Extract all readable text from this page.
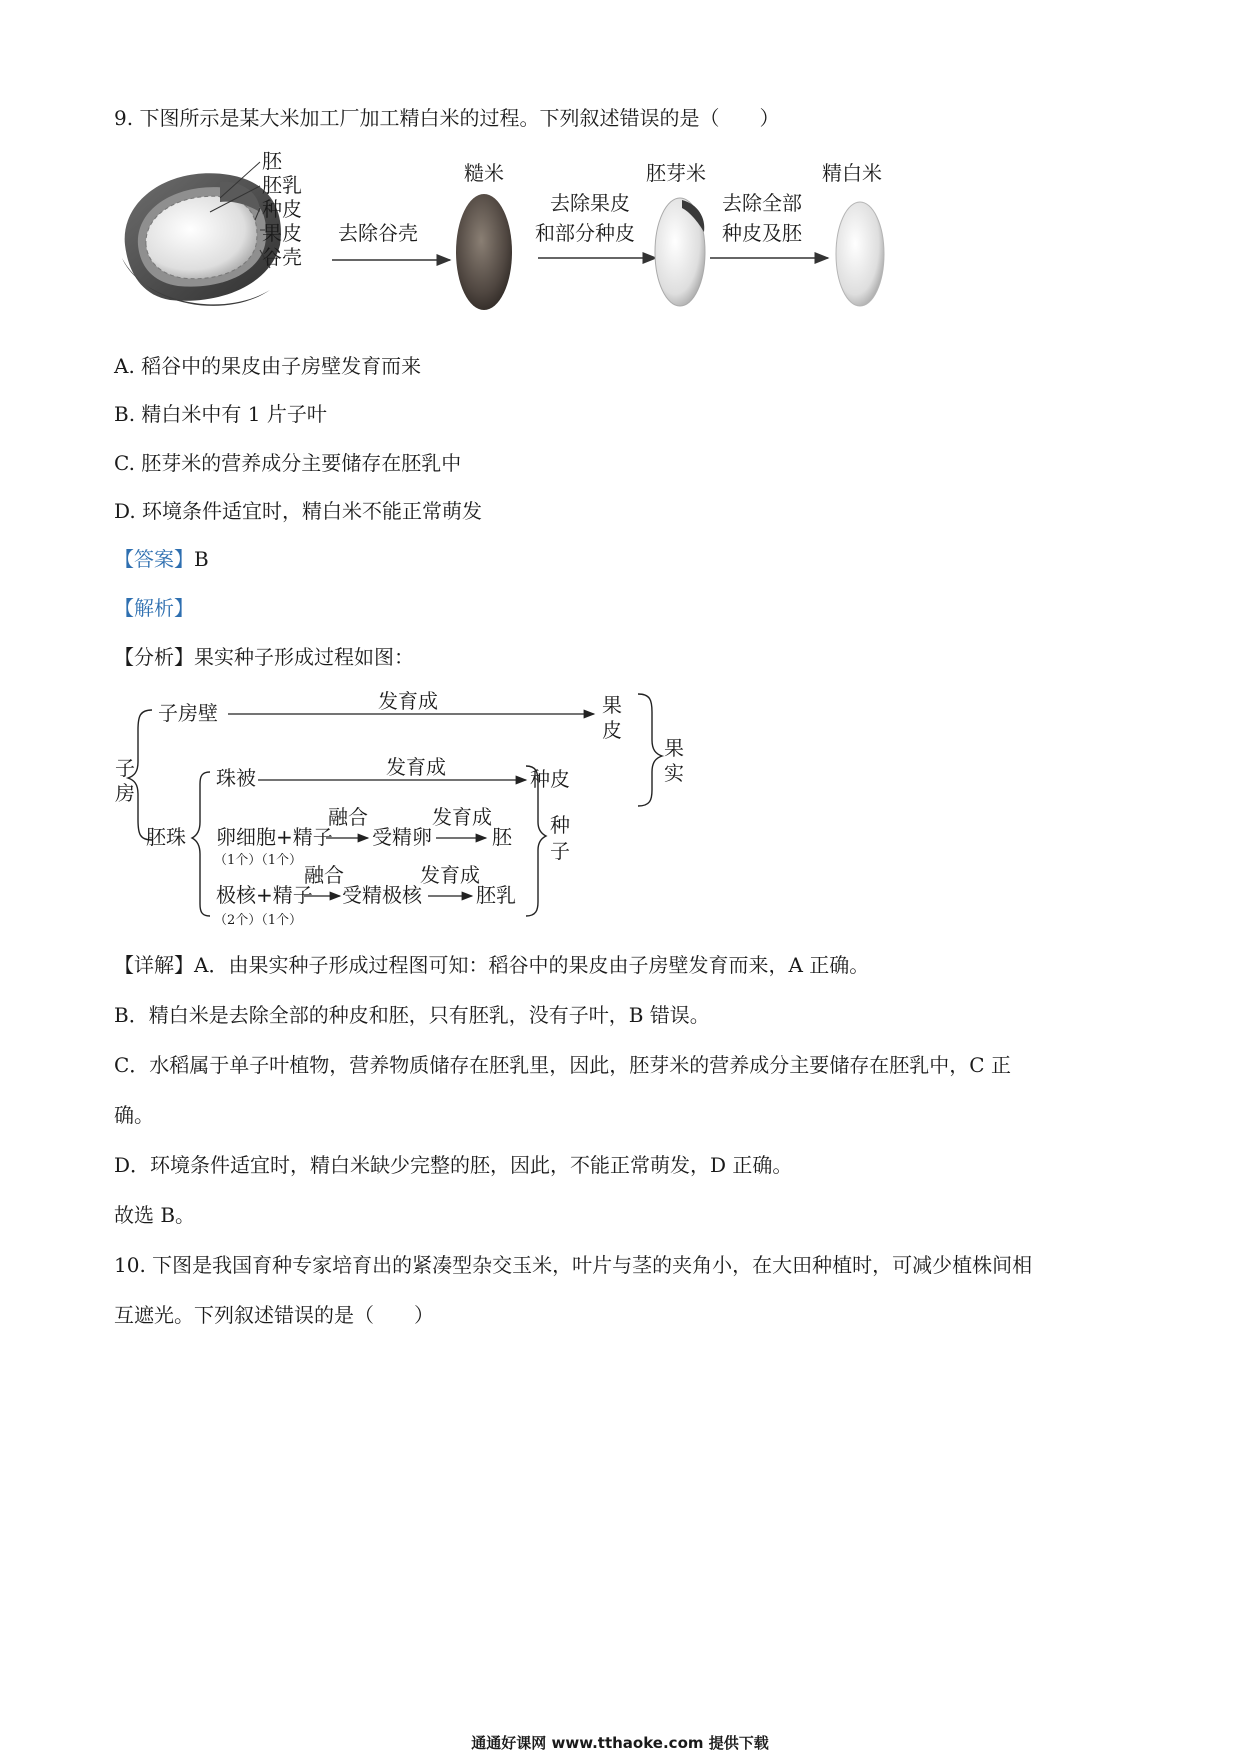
9. 下图所示是某大米加工厂加工精白米的过程。下列叙述错误的是（　　）
胚
胚乳
种皮
果皮
谷壳
去除谷壳
糙米
去除果皮
和部分种皮
胚芽米
去除全部
种皮及胚
精白米
A. 稻谷中的果皮由子房壁发育而来
B. 精白米中有 1 片子叶
C. 胚芽米的营养成分主要储存在胚乳中
D. 环境条件适宜时，精白米不能正常萌发
【答案】B
【解析】
【分析】果实种子形成过程如图：
子
房
子房壁	发育成	果
皮
果
实
胚珠
珠被	发育成	种皮
卵细胞+精子
（1个）（1个）
融合
受精卵
发育成
胚 种
子
极核+精子
（2个）（1个）
融合
受精极核
发育成
胚乳
【详解】A．由果实种子形成过程图可知：稻谷中的果皮由子房壁发育而来，A 正确。
B．精白米是去除全部的种皮和胚，只有胚乳，没有子叶，B 错误。
C．水稻属于单子叶植物，营养物质储存在胚乳里，因此，胚芽米的营养成分主要储存在胚乳中，C 正
确。
D．环境条件适宜时，精白米缺少完整的胚，因此，不能正常萌发，D 正确。
故选 B。
10. 下图是我国育种专家培育出的紧凑型杂交玉米，叶片与茎的夹角小，在大田种植时，可减少植株间相
互遮光。下列叙述错误的是（　　）
通通好课网 www.tthaoke.com 提供下载
